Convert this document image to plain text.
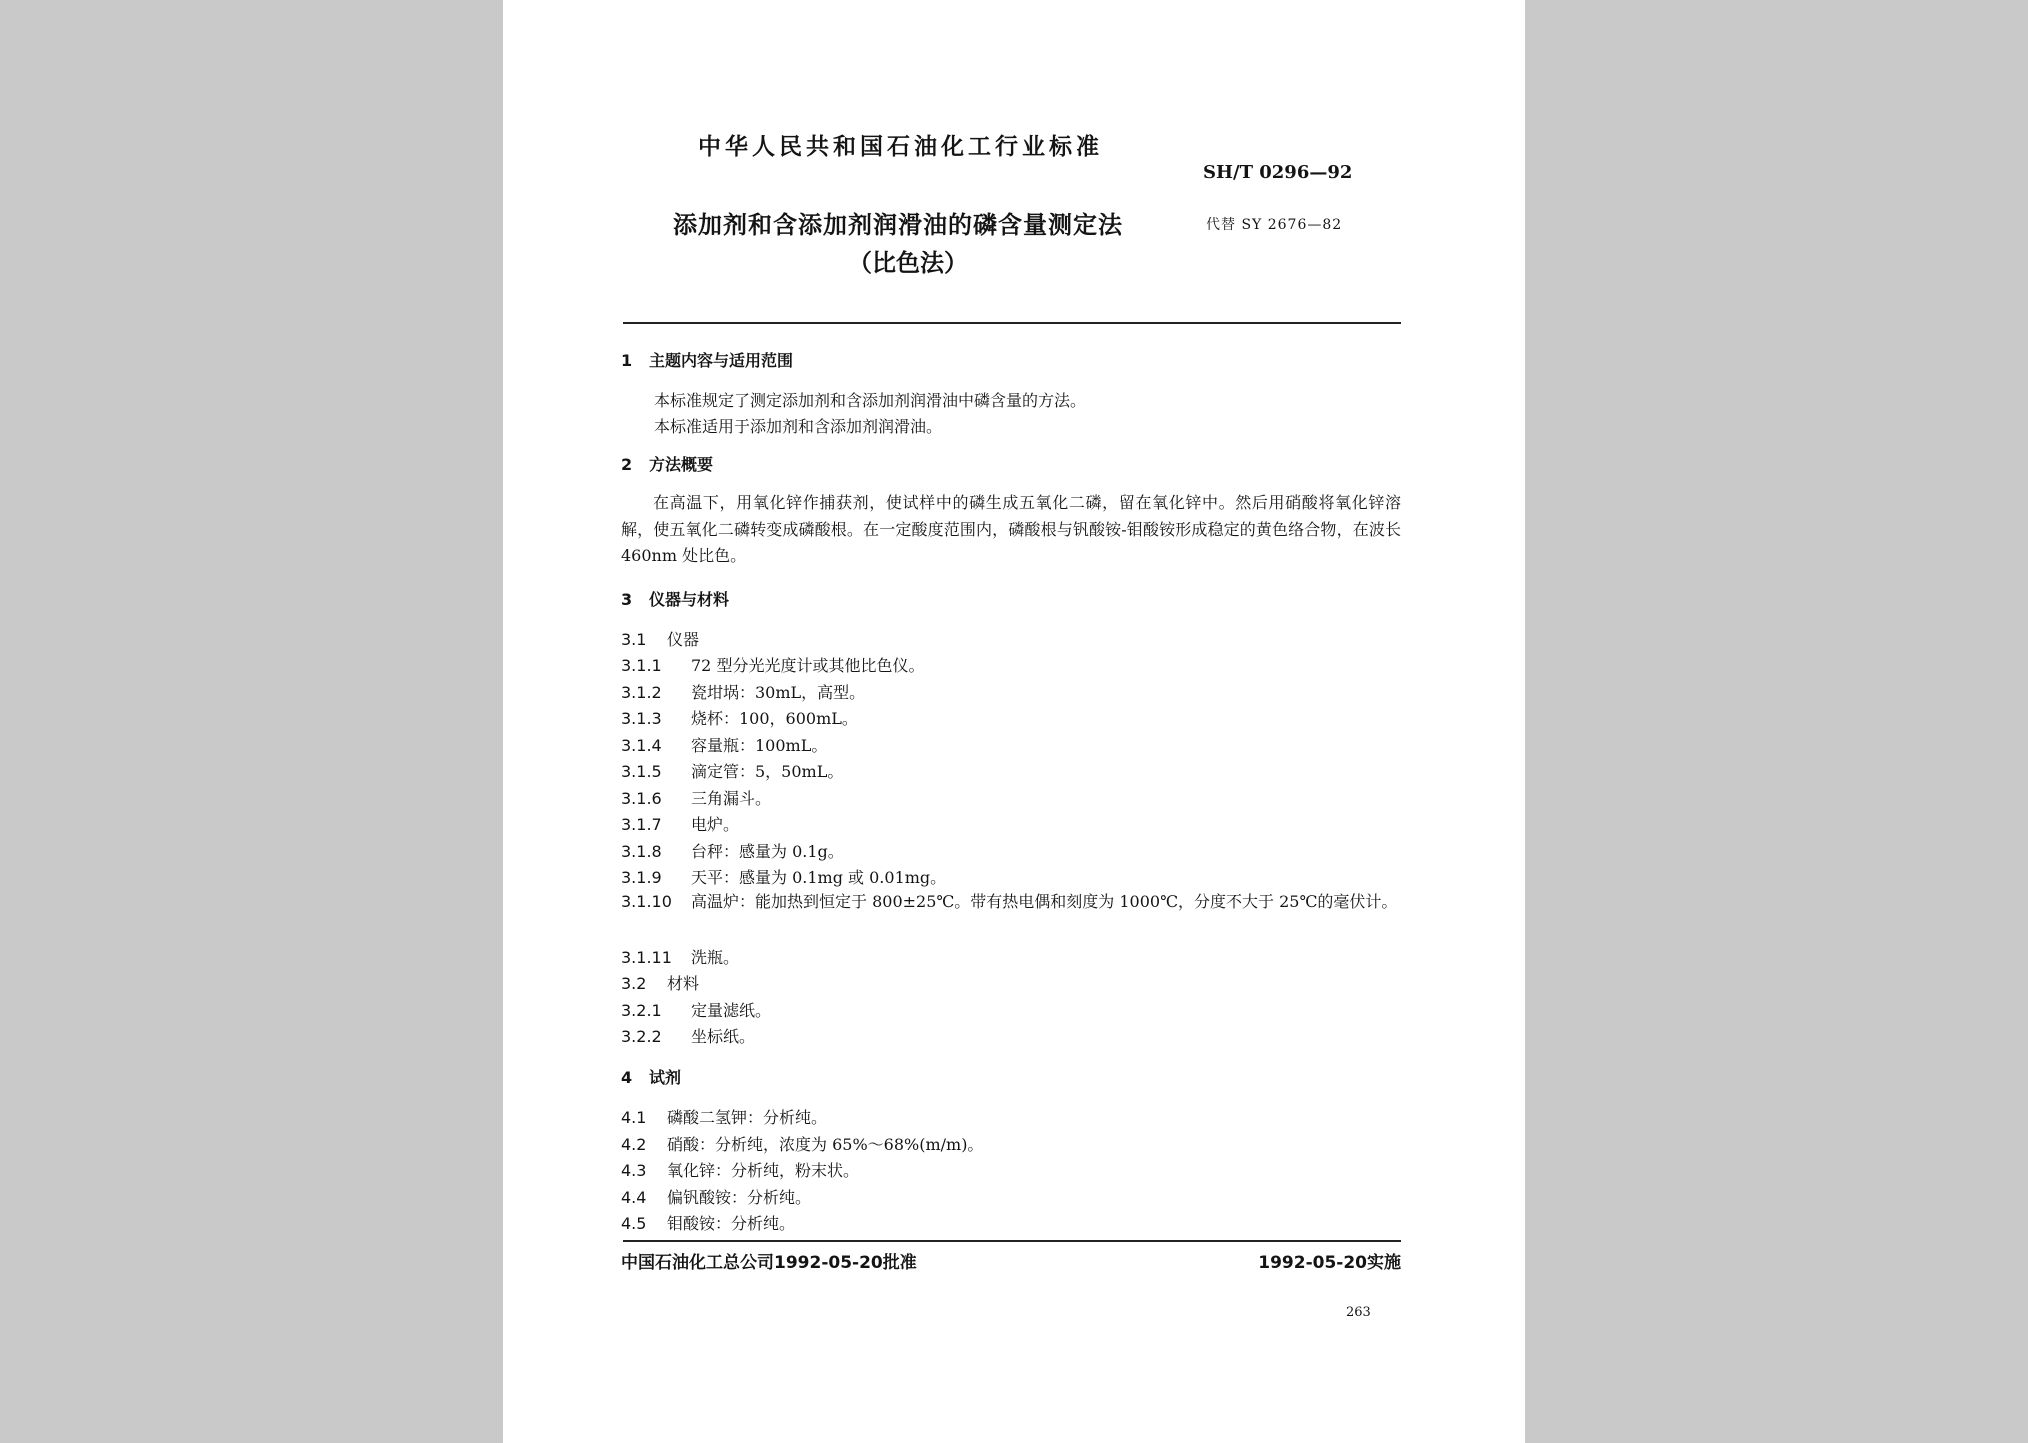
中华人民共和国石油化工行业标准
SH/T 0296—92
添加剂和含添加剂润滑油的磷含量测定法	代替 SY 2676—82
（比色法）
1 主题内容与适用范围
本标准规定了测定添加剂和含添加剂润滑油中磷含量的方法。
本标准适用于添加剂和含添加剂润滑油。
2 方法概要
在高温下，用氧化锌作捕获剂，使试样中的磷生成五氧化二磷，留在氧化锌中。然后用硝酸将氧化锌溶解，使五氧化二磷转变成磷酸根。在一定酸度范围内，磷酸根与钒酸铵-钼酸铵形成稳定的黄色络合物，在波长 460nm 处比色。
3 仪器与材料
3.1 仪器
3.1.1 72 型分光光度计或其他比色仪。
3.1.2 瓷坩埚：30mL，高型。
3.1.3 烧杯：100，600mL。
3.1.4 容量瓶：100mL。
3.1.5 滴定管：5，50mL。
3.1.6 三角漏斗。
3.1.7 电炉。
3.1.8 台秤：感量为 0.1g。
3.1.9 天平：感量为 0.1mg 或 0.01mg。
3.1.10 高温炉：能加热到恒定于 800±25℃。带有热电偶和刻度为 1000℃，分度不大于 25℃的毫伏计。
3.1.11 洗瓶。
3.2 材料
3.2.1 定量滤纸。
3.2.2 坐标纸。
4 试剂
4.1 磷酸二氢钾：分析纯。
4.2 硝酸：分析纯，浓度为 65%～68%(m/m)。
4.3 氧化锌：分析纯，粉末状。
4.4 偏钒酸铵：分析纯。
4.5 钼酸铵：分析纯。
中国石油化工总公司1992-05-20批准	1992-05-20实施
263
